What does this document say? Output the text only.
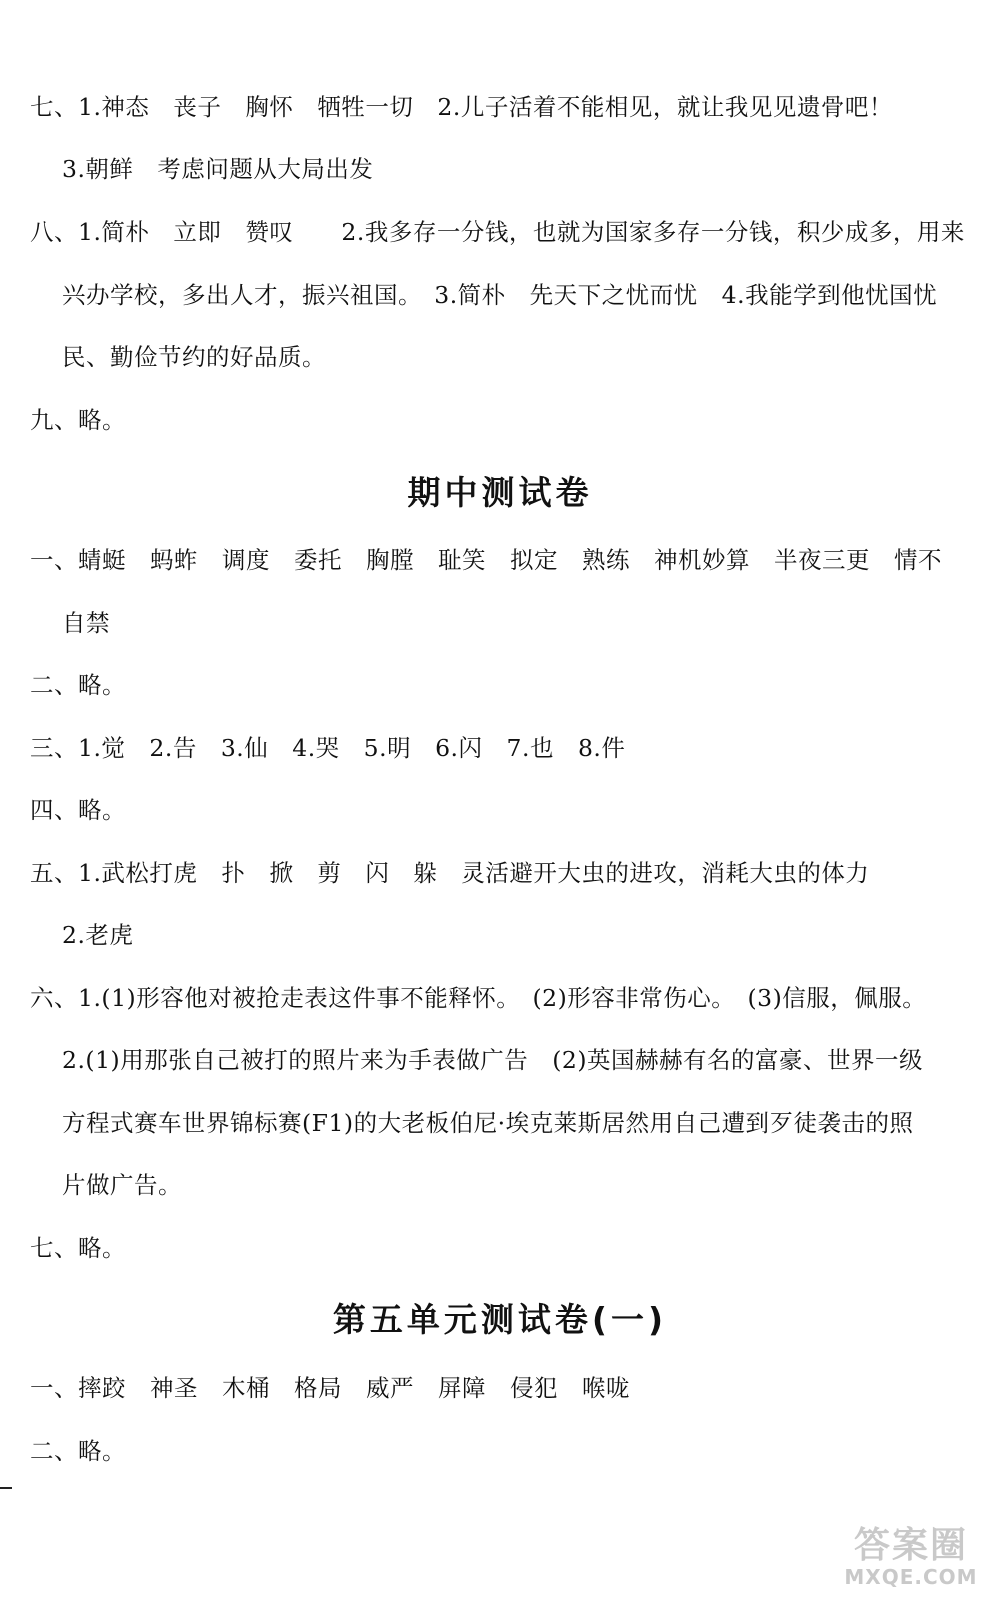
七、1.神态　丧子　胸怀　牺牲一切　2.儿子活着不能相见，就让我见见遗骨吧！
3.朝鲜　考虑问题从大局出发
八、1.简朴　立即　赞叹　　2.我多存一分钱，也就为国家多存一分钱，积少成多，用来
兴办学校，多出人才，振兴祖国。　3.简朴　先天下之忧而忧　4.我能学到他忧国忧
民、勤俭节约的好品质。
九、略。
期中测试卷
一、蜻蜓　蚂蚱　调度　委托　胸膛　耻笑　拟定　熟练　神机妙算　半夜三更　情不
自禁
二、略。
三、1.觉　2.告　3.仙　4.哭　5.明　6.闪　7.也　8.件
四、略。
五、1.武松打虎　扑　掀　剪　闪　躲　灵活避开大虫的进攻，消耗大虫的体力
2.老虎
六、1.(1)形容他对被抢走表这件事不能释怀。　(2)形容非常伤心。　(3)信服，佩服。
2.(1)用那张自己被打的照片来为手表做广告　(2)英国赫赫有名的富豪、世界一级
方程式赛车世界锦标赛(F1)的大老板伯尼·埃克莱斯居然用自己遭到歹徒袭击的照
片做广告。
七、略。
第五单元测试卷(一)
一、摔跤　神圣　木桶　格局　威严　屏障　侵犯　喉咙
二、略。
答案圈
MXQE.COM
